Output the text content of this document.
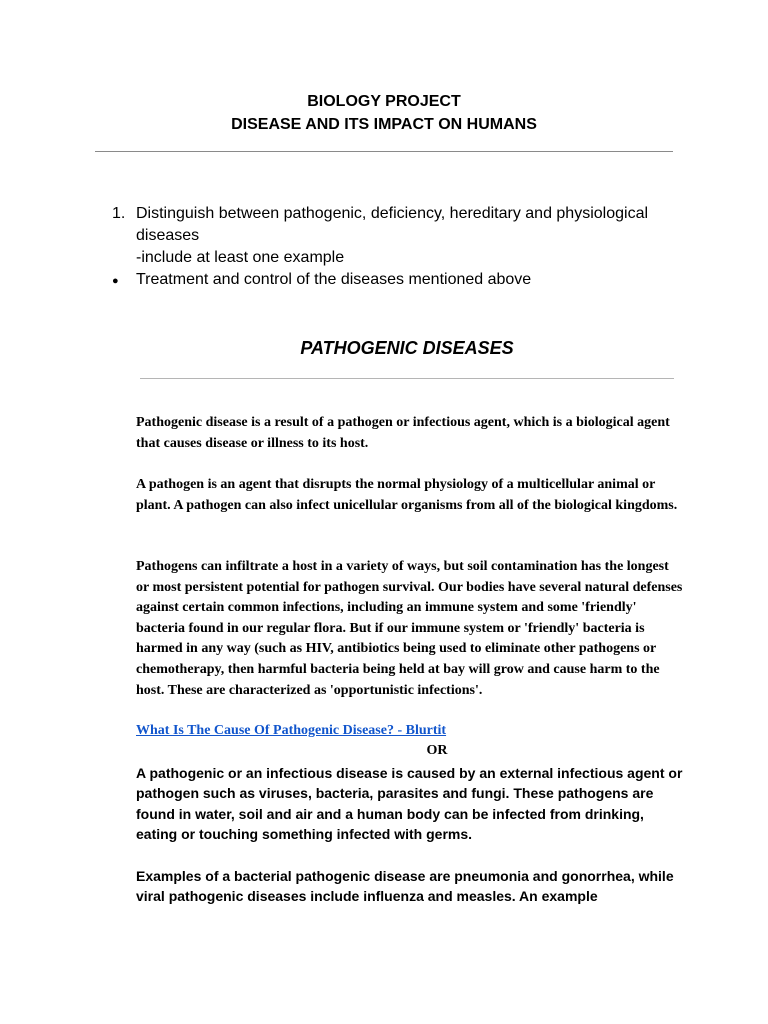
BIOLOGY PROJECT
DISEASE AND ITS IMPACT ON HUMANS
1. Distinguish between pathogenic, deficiency, hereditary and physiological
diseases
-include at least one example
● Treatment and control of the diseases mentioned above
PATHOGENIC DISEASES

Pathogenic disease is a result of a pathogen or infectious agent, which is a biological agent that causes disease or illness to its host.

A pathogen is an agent that disrupts the normal physiology of a multicellular animal or plant. A pathogen can also infect unicellular organisms from all of the biological kingdoms.

Pathogens can infiltrate a host in a variety of ways, but soil contamination has the longest or most persistent potential for pathogen survival. Our bodies have several natural defenses against certain common infections, including an immune system and some 'friendly' bacteria found in our regular flora. But if our immune system or 'friendly' bacteria is harmed in any way (such as HIV, antibiotics being used to eliminate other pathogens or chemotherapy, then harmful bacteria being held at bay will grow and cause harm to the host. These are characterized as 'opportunistic infections'.

What Is The Cause Of Pathogenic Disease? - Blurtit
OR

A pathogenic or an infectious disease is caused by an external infectious agent or pathogen such as viruses, bacteria, parasites and fungi. These pathogens are found in water, soil and air and a human body can be infected from drinking, eating or touching something infected with germs.

Examples of a bacterial pathogenic disease are pneumonia and gonorrhea, while viral pathogenic diseases include influenza and measles. An example
